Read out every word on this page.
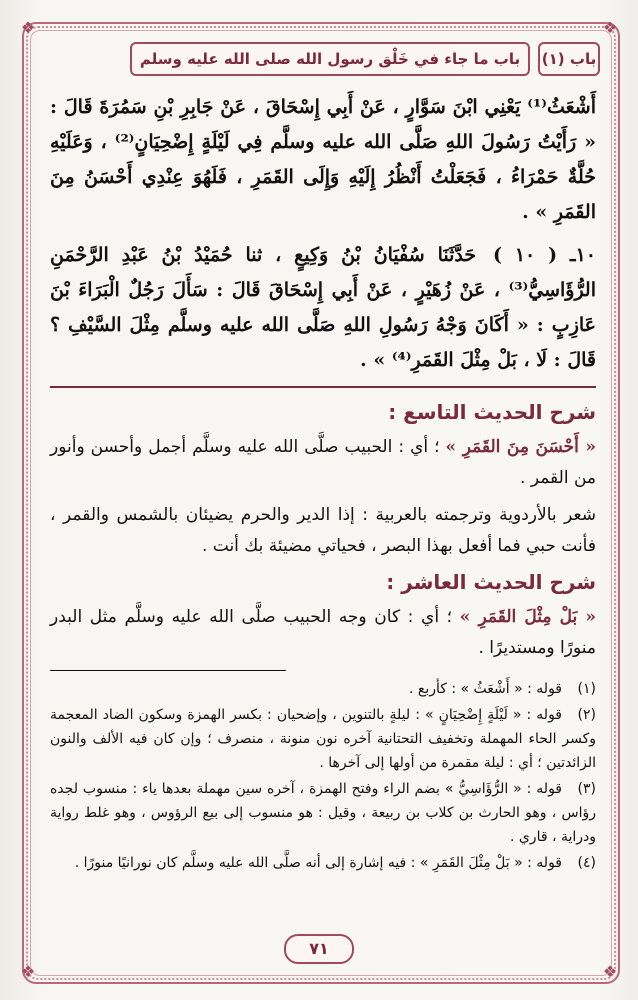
❖	❖
❖	❖
باب (١)
باب ما جاء في خَلْق رسول الله صلى الله عليه وسلم

أَشْعَثُ⁽¹⁾ يَعْنِي ابْنَ سَوَّارٍ ، عَنْ أَبِي إِسْحَاقَ ، عَنْ جَابِرِ بْنِ سَمُرَةَ قَالَ : « رَأَيْتُ رَسُولَ اللهِ صَلَّى الله عليه وسلَّم فِي لَيْلَةٍ إِضْحِيَانٍ⁽²⁾ ، وَعَلَيْهِ حُلَّةٌ حَمْرَاءُ ، فَجَعَلْتُ أَنْظُرُ إِلَيْهِ وَإِلَى القَمَرِ ، فَلَهُوَ عِنْدِي أَحْسَنُ مِنَ القَمَرِ » .

١٠ـ ( ١٠ ) حَدَّثَنَا سُفْيَانُ بْنُ وَكِيعٍ ، ثنا حُمَيْدُ بْنُ عَبْدِ الرَّحْمَنِ الرُّؤَاسِيُّ⁽³⁾ ، عَنْ زُهَيْرٍ ، عَنْ أَبِي إِسْحَاقَ قَالَ : سَأَلَ رَجُلٌ الْبَرَاءَ بْنَ عَازِبٍ : « أَكَانَ وَجْهُ رَسُولِ اللهِ صَلَّى الله عليه وسلَّم مِثْلَ السَّيْفِ ؟ قَالَ : لَا ، بَلْ مِثْلَ القَمَرِ⁽⁴⁾ » .

شرح الحديث التاسع :

« أَحْسَنَ مِنَ القَمَرِ » ؛ أي : الحبيب صلَّى الله عليه وسلَّم أجمل وأحسن وأنور من القمر .

شعر بالأردوية وترجمته بالعربية : إذا الدير والحرم يضيئان بالشمس والقمر ، فأنت حبي فما أفعل بهذا البصر ، فحياتي مضيئة بك أنت .

شرح الحديث العاشر :

« بَلْ مِثْلَ القَمَرِ » ؛ أي : كان وجه الحبيب صلَّى الله عليه وسلَّم مثل البدر منورًا ومستديرًا .

(١)قوله : « أَشْعَثُ » : كأربع .

(٢)قوله : « لَيْلَةٍ إِضْحِيَانٍ » : ليلةٍ بالتنوين ، وإضحيان : بكسر الهمزة وسكون الضاد المعجمة وكسر الحاء المهملة وتخفيف التحتانية آخره نون منونة ، منصرف ؛ وإن كان فيه الألف والنون الزائدتين ؛ أي : ليلة مقمرة من أولها إلى آخرها .

(٣)قوله : « الرُّؤَاسِيُّ » بضم الراء وفتح الهمزة ، آخره سين مهملة بعدها ياء : منسوب لجده رؤاس ، وهو الحارث بن كلاب بن ربيعة ، وقيل : هو منسوب إلى بيع الرؤوس ، وهو غلط رواية ودراية ، قاري .

(٤)قوله : « بَلْ مِثْلَ القَمَرِ » : فيه إشارة إلى أنه صلَّى الله عليه وسلَّم كان نورانيًا منورًا .

٧١
